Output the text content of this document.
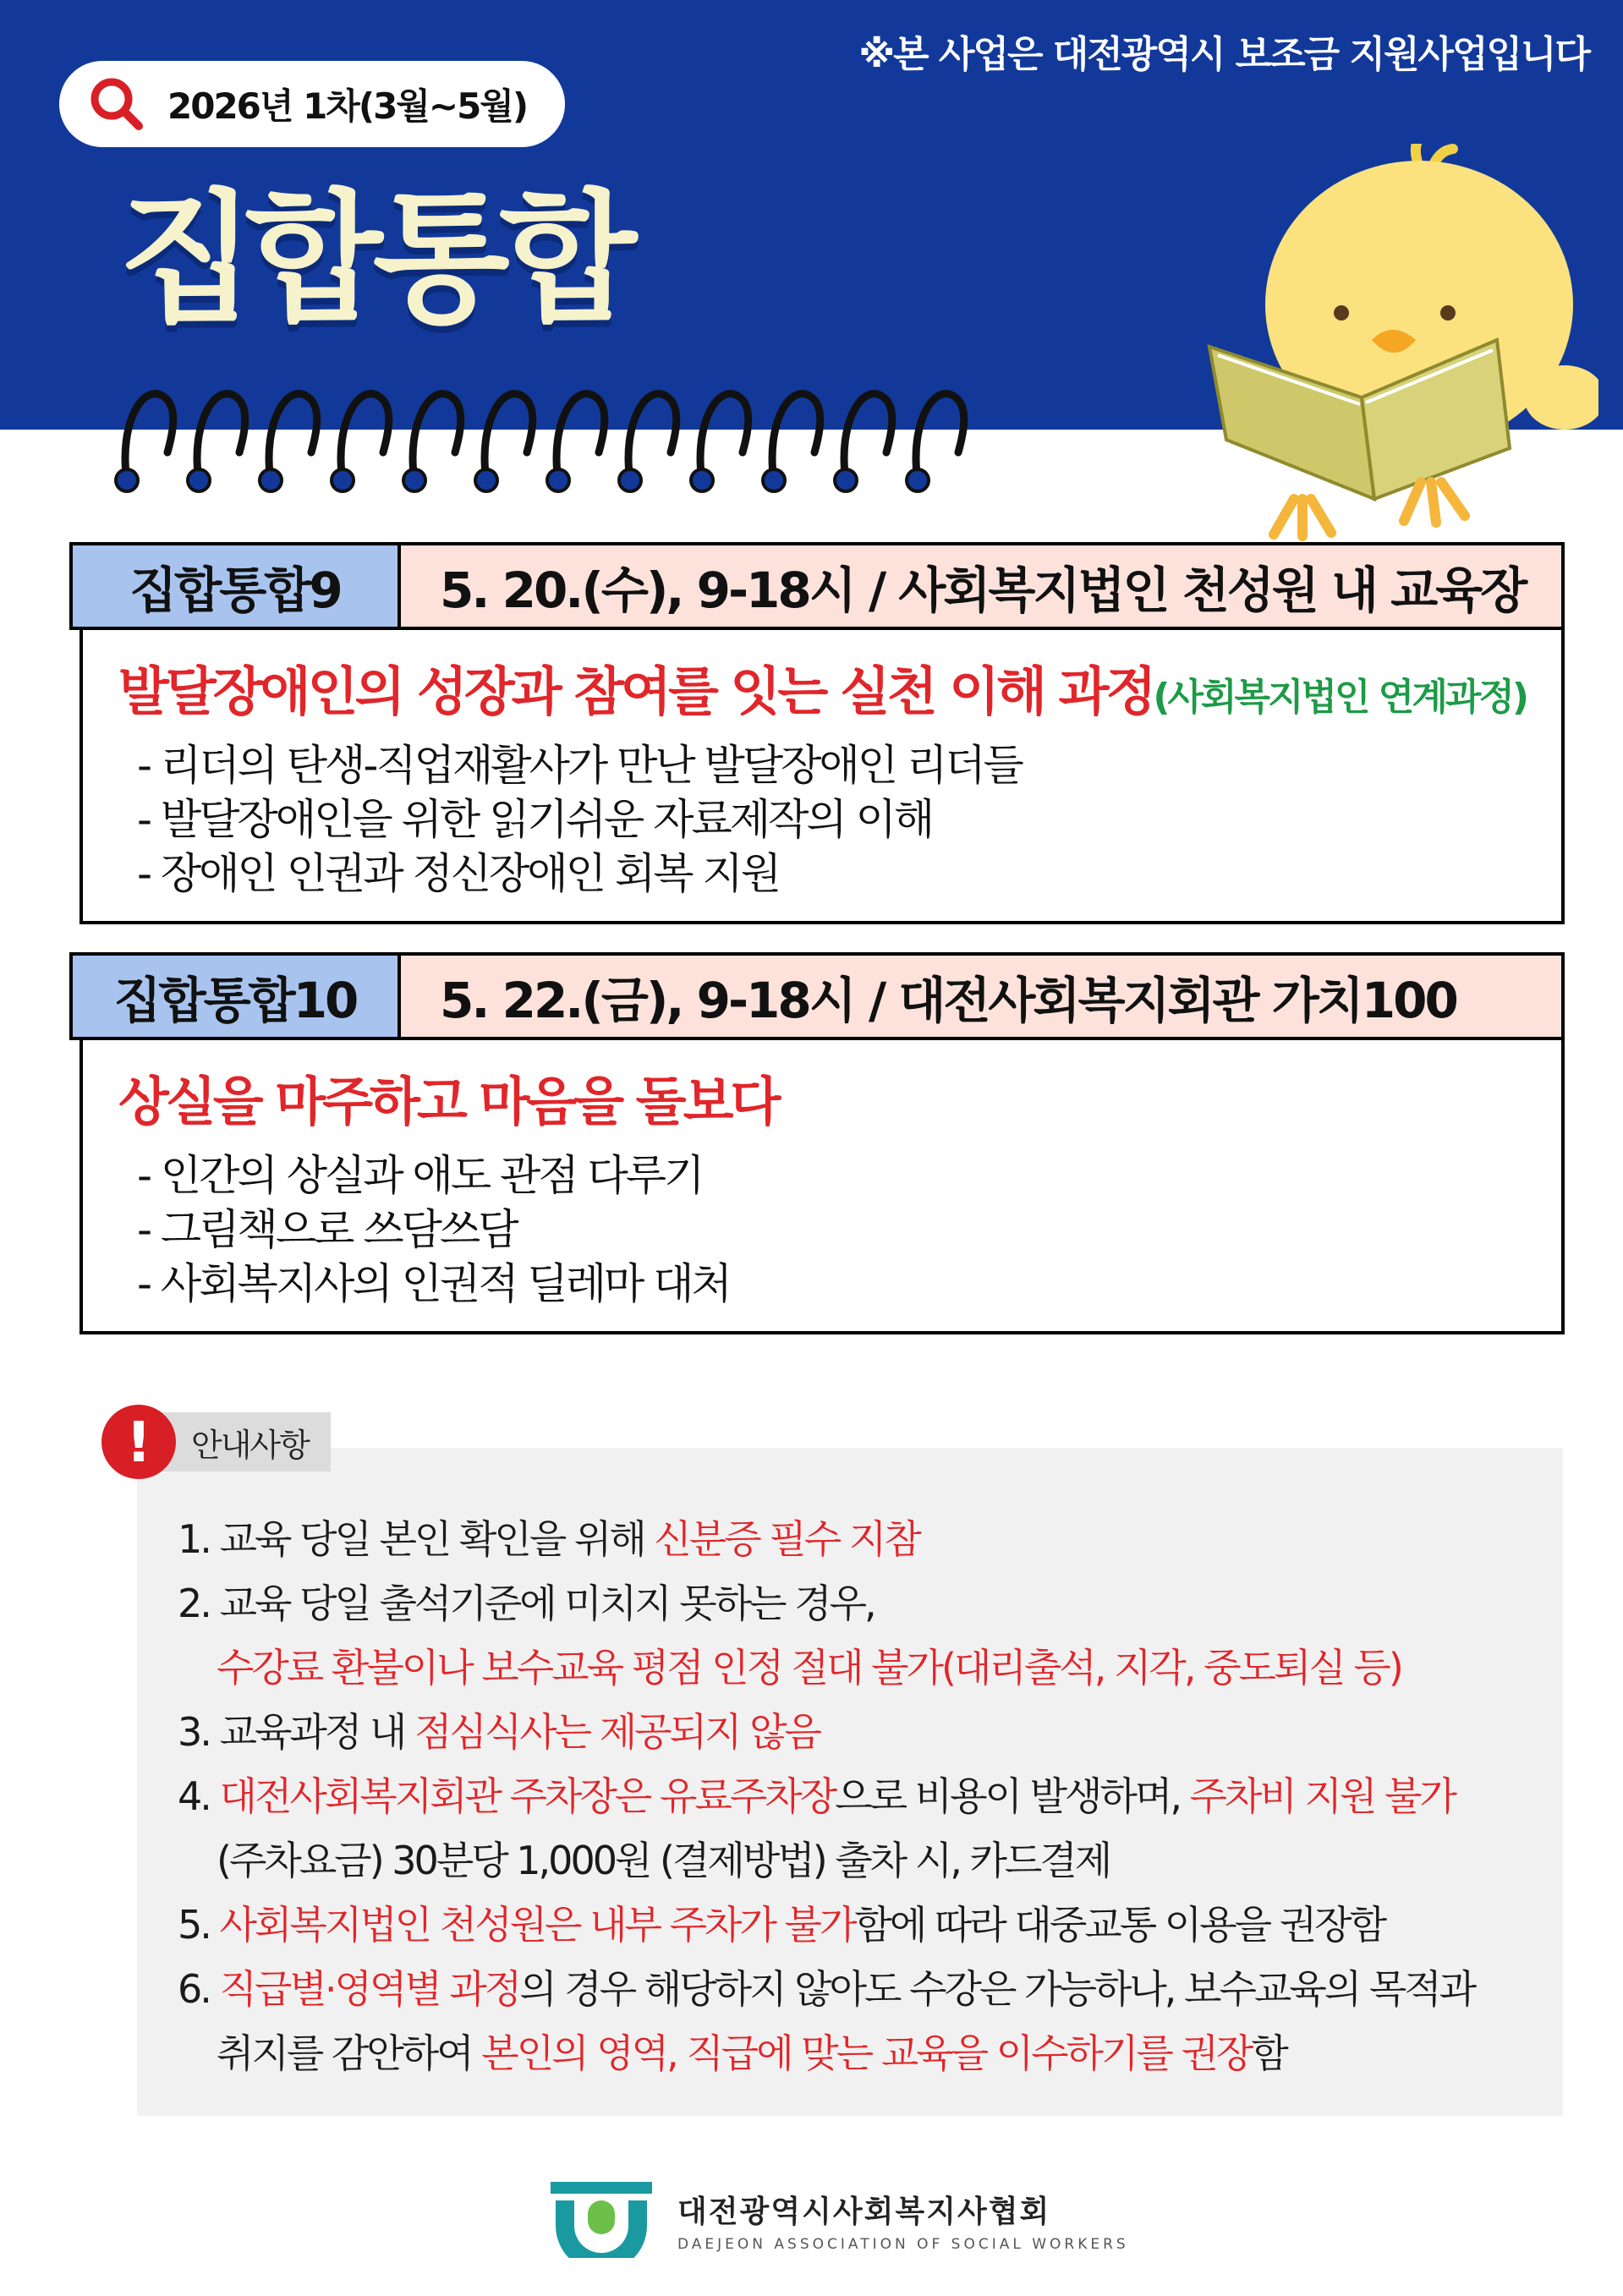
※본 사업은 대전광역시 보조금 지원사업입니다
2026년 1차(3월~5월)
집합통합
집합통합9	5. 20.(수), 9-18시 / 사회복지법인 천성원 내 교육장
발달장애인의 성장과 참여를 잇는 실천 이해 과정(사회복지법인 연계과정)
- 리더의 탄생-직업재활사가 만난 발달장애인 리더들
- 발달장애인을 위한 읽기쉬운 자료제작의 이해
- 장애인 인권과 정신장애인 회복 지원
집합통합10	5. 22.(금), 9-18시 / 대전사회복지회관 가치100
상실을 마주하고 마음을 돌보다
- 인간의 상실과 애도 관점 다루기
- 그림책으로 쓰담쓰담
- 사회복지사의 인권적 딜레마 대처
!	안내사항
1. 교육 당일 본인 확인을 위해 신분증 필수 지참
2. 교육 당일 출석기준에 미치지 못하는 경우,
수강료 환불이나 보수교육 평점 인정 절대 불가(대리출석, 지각, 중도퇴실 등)
3. 교육과정 내 점심식사는 제공되지 않음
4. 대전사회복지회관 주차장은 유료주차장으로 비용이 발생하며, 주차비 지원 불가
(주차요금) 30분당 1,000원 (결제방법) 출차 시, 카드결제
5. 사회복지법인 천성원은 내부 주차가 불가함에 따라 대중교통 이용을 권장함
6. 직급별·영역별 과정의 경우 해당하지 않아도 수강은 가능하나, 보수교육의 목적과
취지를 감안하여 본인의 영역, 직급에 맞는 교육을 이수하기를 권장함
대전광역시사회복지사협회
DAEJEON ASSOCIATION OF SOCIAL WORKERS
